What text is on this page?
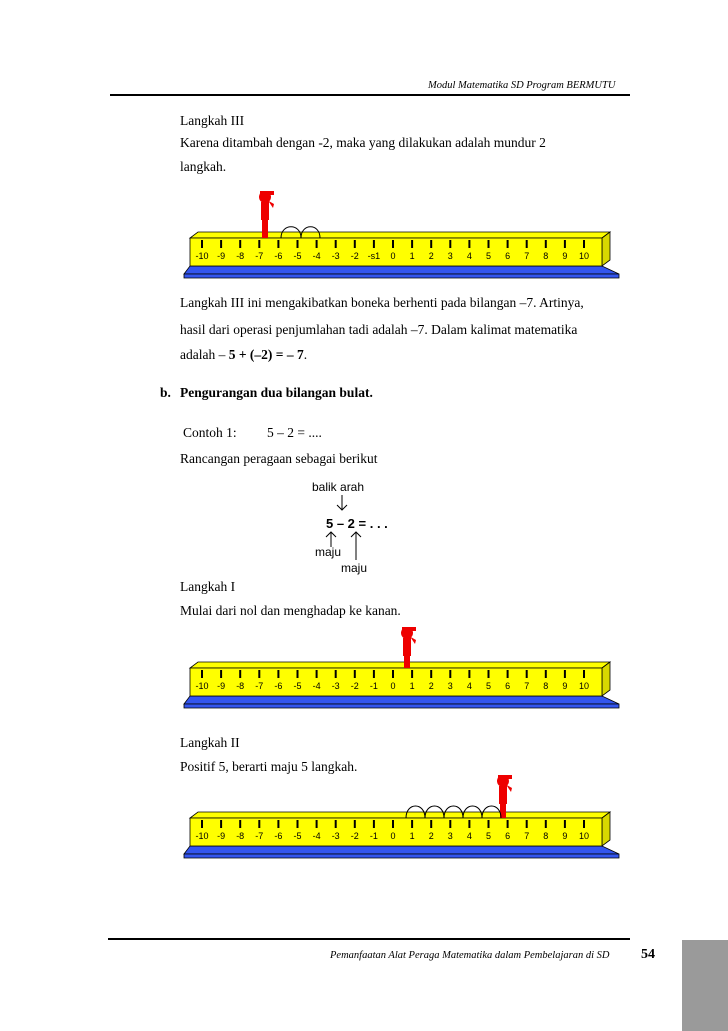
Modul Matematika SD Program BERMUTU
Langkah III
Karena ditambah dengan -2, maka yang dilakukan adalah mundur 2
langkah.
-10 -9 -8 -7 -6 -5 -4 -3 -2 -s1 0 1 2 3 4 5 6 7 8 9 10
Langkah III ini mengakibatkan boneka berhenti pada bilangan –7. Artinya,
hasil dari operasi penjumlahan tadi adalah –7. Dalam kalimat matematika
adalah – 5 + (–2) = – 7.
b. Pengurangan dua bilangan bulat.
Contoh 1: 5 – 2 = ....
Rancangan peragaan sebagai berikut
balik arah
5 – 2 = . . .
maju
maju
Langkah I
Mulai dari nol dan menghadap ke kanan.
-10 -9 -8 -7 -6 -5 -4 -3 -2 -1 0 1 2 3 4 5 6 7 8 9 10
Langkah II
Positif 5, berarti maju 5 langkah.
-10 -9 -8 -7 -6 -5 -4 -3 -2 -1 0 1 2 3 4 5 6 7 8 9 10
Pemanfaatan Alat Peraga Matematika dalam Pembelajaran di SD 54
